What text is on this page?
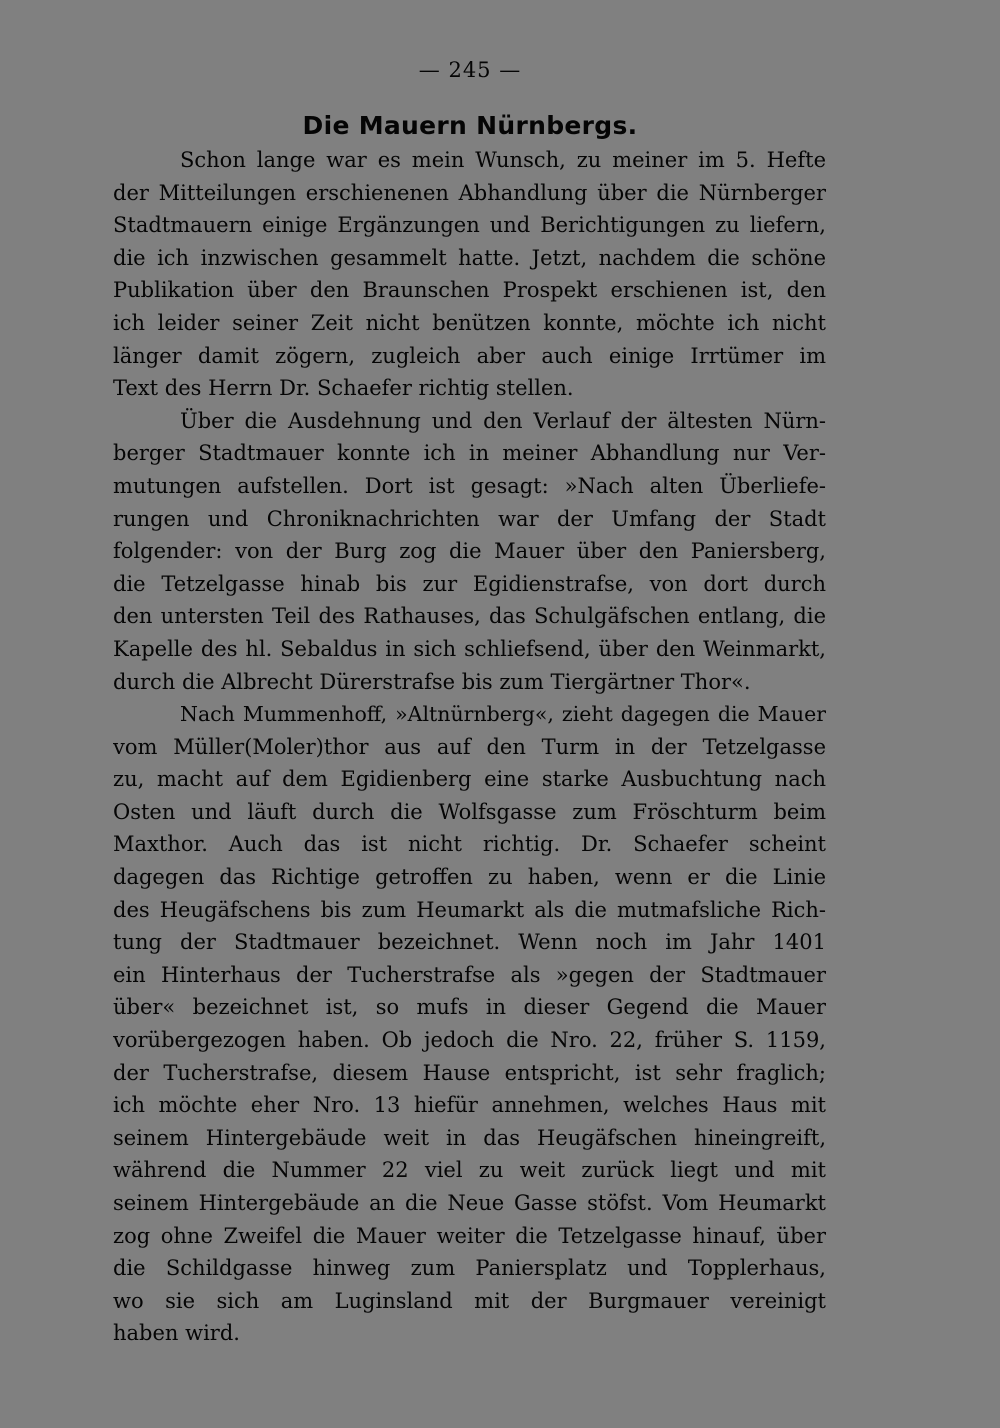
— 245 —
Die Mauern Nürnbergs.
Schon lange war es mein Wunsch, zu meiner im 5. Hefte
der Mitteilungen erschienenen Abhandlung über die Nürnberger
Stadtmauern einige Ergänzungen und Berichtigungen zu liefern,
die ich inzwischen gesammelt hatte. Jetzt, nachdem die schöne
Publikation über den Braunschen Prospekt erschienen ist, den
ich leider seiner Zeit nicht benützen konnte, möchte ich nicht
länger damit zögern, zugleich aber auch einige Irrtümer im
Text des Herrn Dr. Schaefer richtig stellen.
Über die Ausdehnung und den Verlauf der ältesten Nürn-
berger Stadtmauer konnte ich in meiner Abhandlung nur Ver-
mutungen aufstellen. Dort ist gesagt: »Nach alten Überliefe-
rungen und Chroniknachrichten war der Umfang der Stadt
folgender: von der Burg zog die Mauer über den Paniersberg,
die Tetzelgasse hinab bis zur Egidienstrafse, von dort durch
den untersten Teil des Rathauses, das Schulgäfschen entlang, die
Kapelle des hl. Sebaldus in sich schliefsend, über den Weinmarkt,
durch die Albrecht Dürerstrafse bis zum Tiergärtner Thor«.
Nach Mummenhoff, »Altnürnberg«, zieht dagegen die Mauer
vom Müller(Moler)thor aus auf den Turm in der Tetzelgasse
zu, macht auf dem Egidienberg eine starke Ausbuchtung nach
Osten und läuft durch die Wolfsgasse zum Fröschturm beim
Maxthor. Auch das ist nicht richtig. Dr. Schaefer scheint
dagegen das Richtige getroffen zu haben, wenn er die Linie
des Heugäfschens bis zum Heumarkt als die mutmafsliche Rich-
tung der Stadtmauer bezeichnet. Wenn noch im Jahr 1401
ein Hinterhaus der Tucherstrafse als »gegen der Stadtmauer
über« bezeichnet ist, so mufs in dieser Gegend die Mauer
vorübergezogen haben. Ob jedoch die Nro. 22, früher S. 1159,
der Tucherstrafse, diesem Hause entspricht, ist sehr fraglich;
ich möchte eher Nro. 13 hiefür annehmen, welches Haus mit
seinem Hintergebäude weit in das Heugäfschen hineingreift,
während die Nummer 22 viel zu weit zurück liegt und mit
seinem Hintergebäude an die Neue Gasse stöfst. Vom Heumarkt
zog ohne Zweifel die Mauer weiter die Tetzelgasse hinauf, über
die Schildgasse hinweg zum Paniersplatz und Topplerhaus,
wo sie sich am Luginsland mit der Burgmauer vereinigt
haben wird.
